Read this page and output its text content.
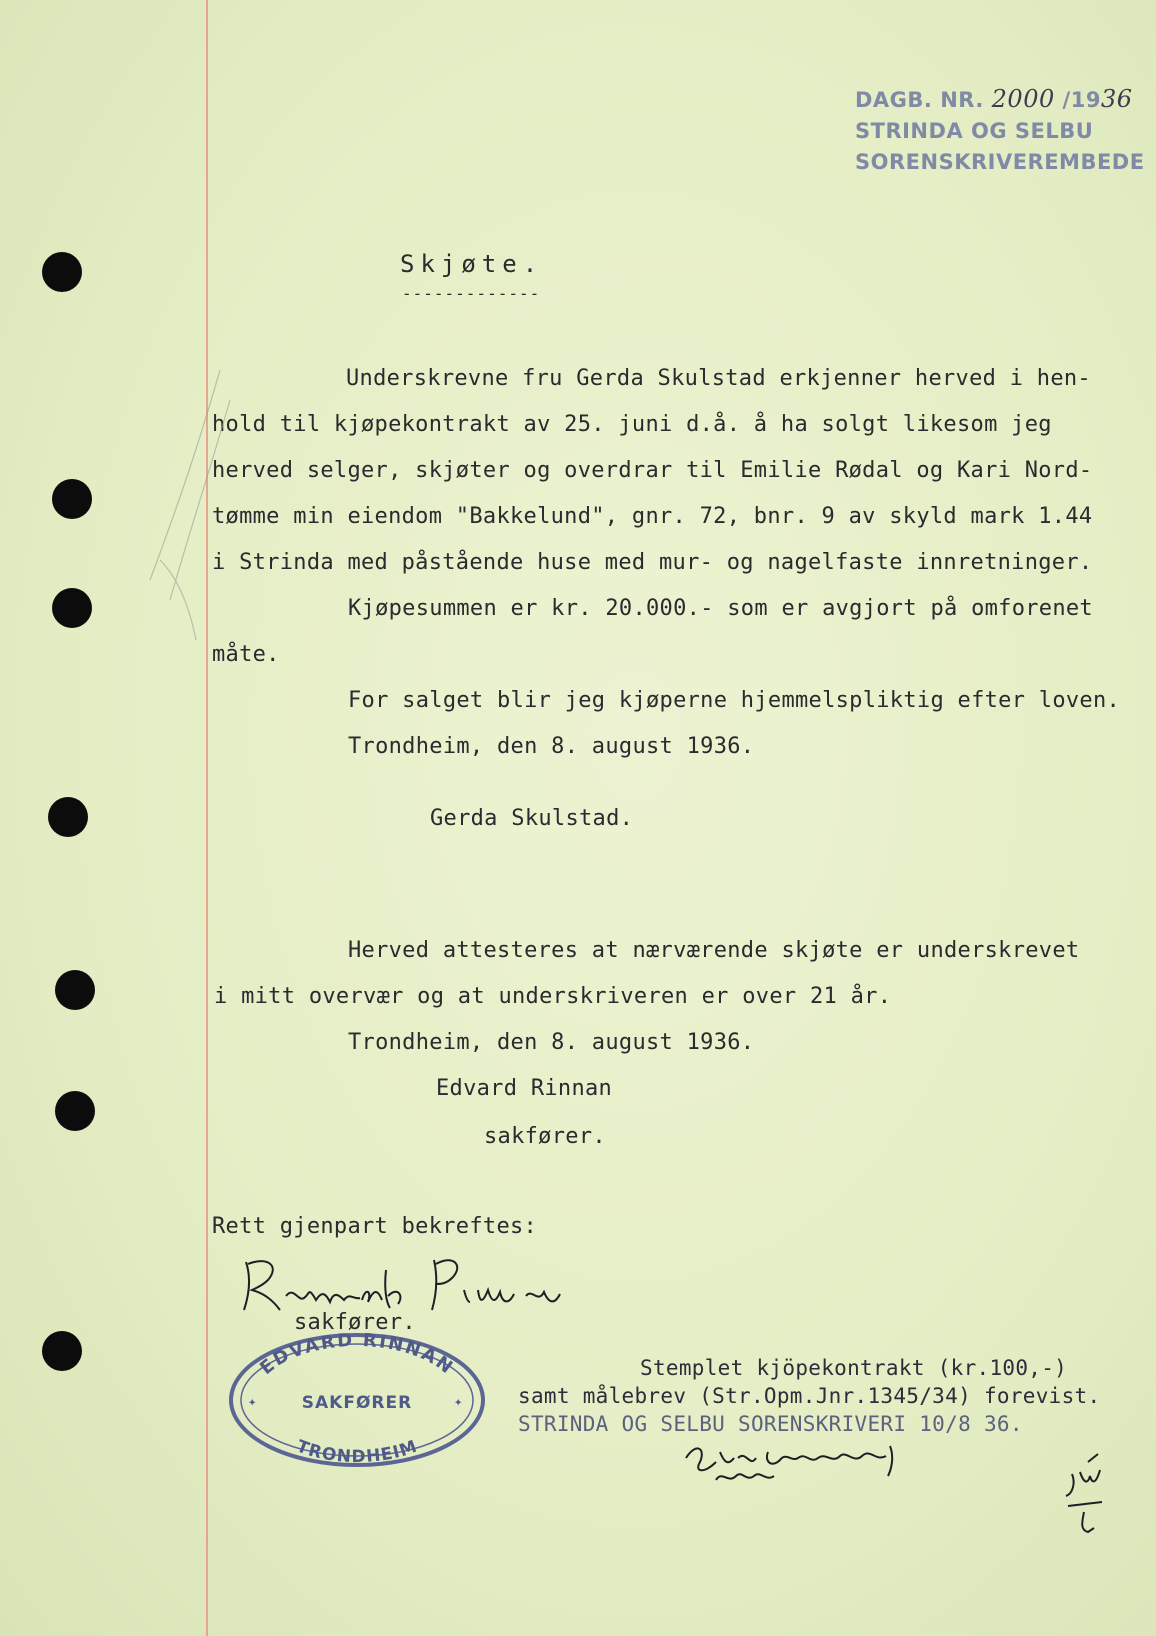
DAGB. NR. 2000 /1936
STRINDA OG SELBU
SORENSKRIVEREMBEDE
Skjøte.
-------------
Underskrevne fru Gerda Skulstad erkjenner herved i hen-
hold til kjøpekontrakt av 25. juni d.å. å ha solgt likesom jeg
herved selger, skjøter og overdrar til Emilie Rødal og Kari Nord-
tømme min eiendom "Bakkelund", gnr. 72, bnr. 9 av skyld mark 1.44
i Strinda med påstående huse med mur- og nagelfaste innretninger.
Kjøpesummen er kr. 20.000.- som er avgjort på omforenet
måte.
For salget blir jeg kjøperne hjemmelspliktig efter loven.
Trondheim, den 8. august 1936.
Gerda Skulstad.
Herved attesteres at nærværende skjøte er underskrevet
i mitt overvær og at underskriveren er over 21 år.
Trondheim, den 8. august 1936.
Edvard Rinnan
sakfører.
Rett gjenpart bekreftes:
sakfører.
EDVARD RINNAN
SAKFØRER
TRONDHEIM
✦	✦
Stemplet kjöpekontrakt (kr.100,-)
samt målebrev (Str.Opm.Jnr.1345/34) forevist.
STRINDA OG SELBU SORENSKRIVERI 10/8 36.
